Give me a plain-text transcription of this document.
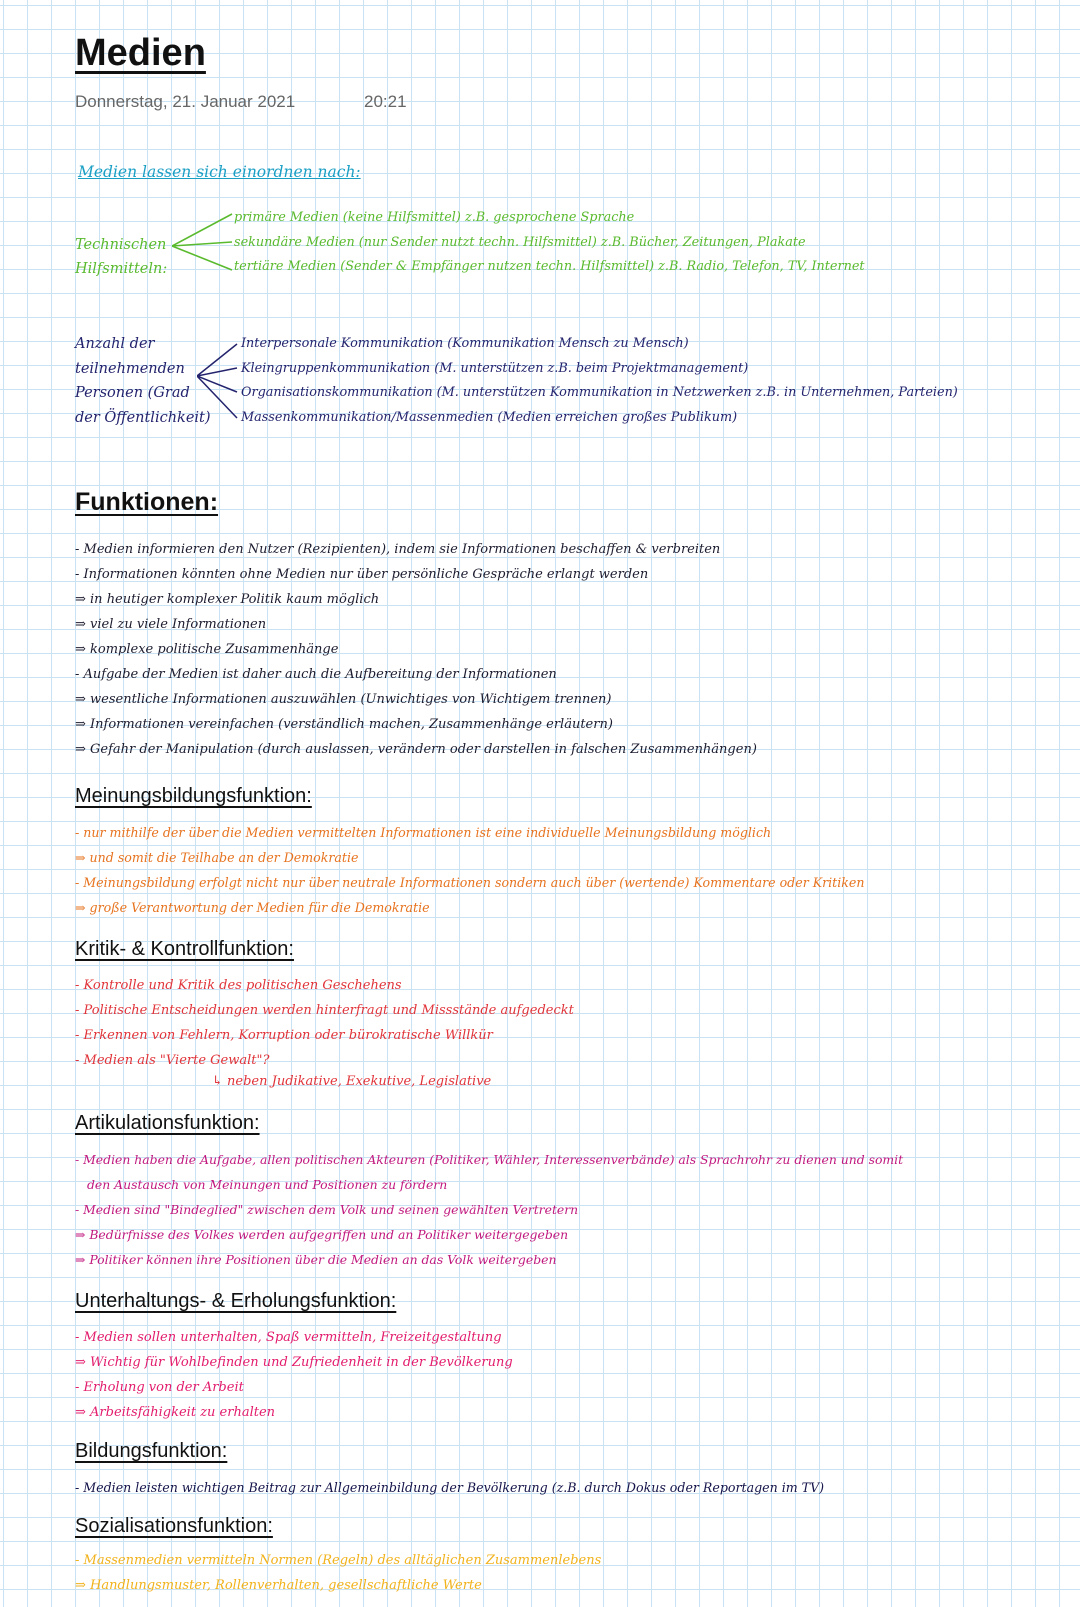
Medien
Donnerstag, 21. Januar 2021	20:21
Medien lassen sich einordnen nach:
Technischen
Hilfsmitteln:
primäre Medien (keine Hilfsmittel) z.B. gesprochene Sprache
sekundäre Medien (nur Sender nutzt techn. Hilfsmittel) z.B. Bücher, Zeitungen, Plakate
tertiäre Medien (Sender & Empfänger nutzen techn. Hilfsmittel) z.B. Radio, Telefon, TV, Internet
Anzahl der
teilnehmenden
Personen (Grad
der Öffentlichkeit)
Interpersonale Kommunikation (Kommunikation Mensch zu Mensch)
Kleingruppenkommunikation (M. unterstützen z.B. beim Projektmanagement)
Organisationskommunikation (M. unterstützen Kommunikation in Netzwerken z.B. in Unternehmen, Parteien)
Massenkommunikation/Massenmedien (Medien erreichen großes Publikum)
Funktionen:
- Medien informieren den Nutzer (Rezipienten), indem sie Informationen beschaffen & verbreiten
- Informationen könnten ohne Medien nur über persönliche Gespräche erlangt werden
⇒ in heutiger komplexer Politik kaum möglich
⇒ viel zu viele Informationen
⇒ komplexe politische Zusammenhänge
- Aufgabe der Medien ist daher auch die Aufbereitung der Informationen
⇒ wesentliche Informationen auszuwählen (Unwichtiges von Wichtigem trennen)
⇒ Informationen vereinfachen (verständlich machen, Zusammenhänge erläutern)
⇒ Gefahr der Manipulation (durch auslassen, verändern oder darstellen in falschen Zusammenhängen)
Meinungsbildungsfunktion:
- nur mithilfe der über die Medien vermittelten Informationen ist eine individuelle Meinungsbildung möglich
⇒ und somit die Teilhabe an der Demokratie
- Meinungsbildung erfolgt nicht nur über neutrale Informationen sondern auch über (wertende) Kommentare oder Kritiken
⇒ große Verantwortung der Medien für die Demokratie
Kritik- & Kontrollfunktion:
- Kontrolle und Kritik des politischen Geschehens
- Politische Entscheidungen werden hinterfragt und Missstände aufgedeckt
- Erkennen von Fehlern, Korruption oder bürokratische Willkür
- Medien als "Vierte Gewalt"?
↳ neben Judikative, Exekutive, Legislative
Artikulationsfunktion:
- Medien haben die Aufgabe, allen politischen Akteuren (Politiker, Wähler, Interessenverbände) als Sprachrohr zu dienen und somit
den Austausch von Meinungen und Positionen zu fördern
- Medien sind "Bindeglied" zwischen dem Volk und seinen gewählten Vertretern
⇒ Bedürfnisse des Volkes werden aufgegriffen und an Politiker weitergegeben
⇒ Politiker können ihre Positionen über die Medien an das Volk weitergeben
Unterhaltungs- & Erholungsfunktion:
- Medien sollen unterhalten, Spaß vermitteln, Freizeitgestaltung
⇒ Wichtig für Wohlbefinden und Zufriedenheit in der Bevölkerung
- Erholung von der Arbeit
⇒ Arbeitsfähigkeit zu erhalten
Bildungsfunktion:
- Medien leisten wichtigen Beitrag zur Allgemeinbildung der Bevölkerung (z.B. durch Dokus oder Reportagen im TV)
Sozialisationsfunktion:
- Massenmedien vermitteln Normen (Regeln) des alltäglichen Zusammenlebens
⇒ Handlungsmuster, Rollenverhalten, gesellschaftliche Werte
